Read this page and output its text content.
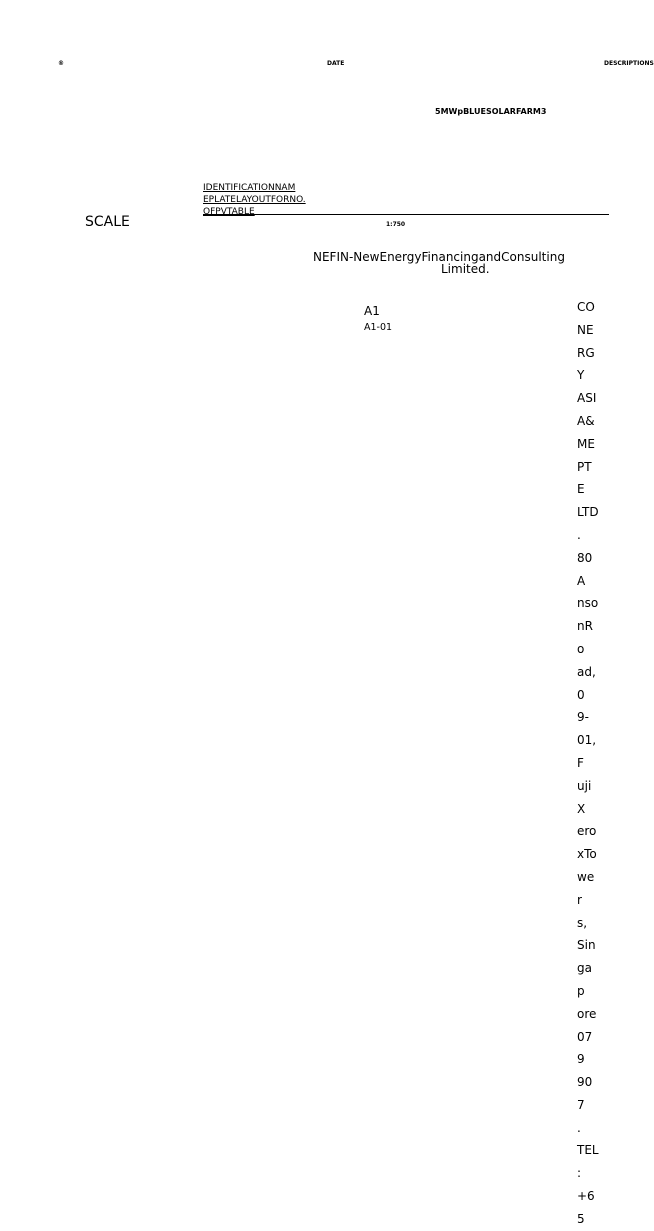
®	DATE	DESCRIPTIONS
5MWpBLUESOLARFARM3
IDENTIFICATIONNAM
EPLATELAYOUTFORNO.
OFPVTABLE
SCALE	1:750
NEFIN-NewEnergyFinancingandConsulting
Limited.
A1
A1-01
CO
NE
RGY
ASI
A&
ME
PTE
LTD
.
80A
nso
nRo
ad,0
9-
01,F
ujiX
ero
xTo
wer
s,
Sin
gap
ore
079
907
.
TEL
:
+65
